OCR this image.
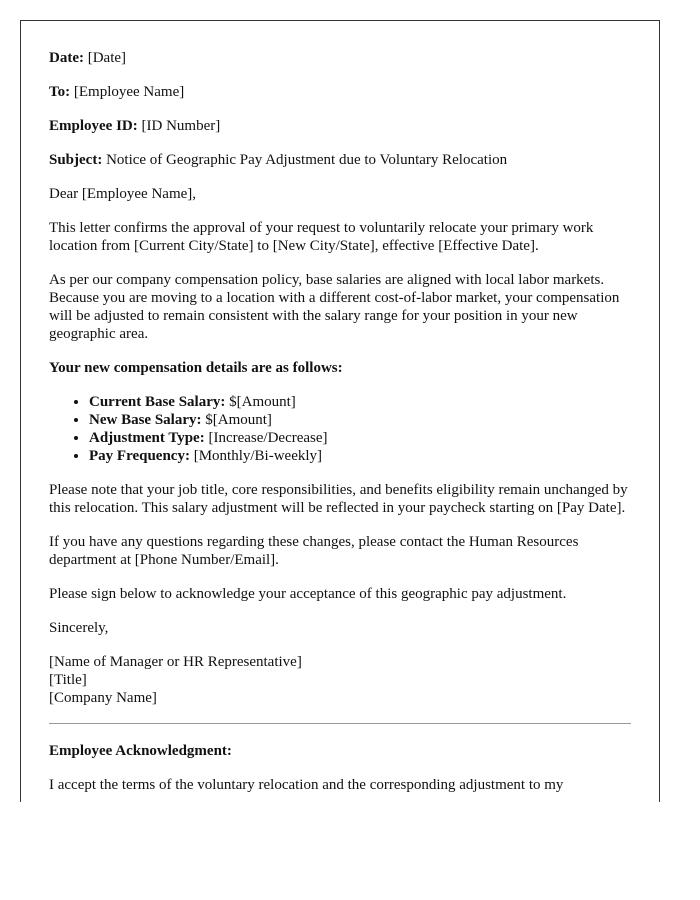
Date: [Date]

To: [Employee Name]

Employee ID: [ID Number]

Subject: Notice of Geographic Pay Adjustment due to Voluntary Relocation

Dear [Employee Name],

This letter confirms the approval of your request to voluntarily relocate your primary work location from [Current City/State] to [New City/State], effective [Effective Date].

As per our company compensation policy, base salaries are aligned with local labor markets. Because you are moving to a location with a different cost-of-labor market, your compensation will be adjusted to remain consistent with the salary range for your position in your new geographic area.

Your new compensation details are as follows:

• Current Base Salary: $[Amount]
• New Base Salary: $[Amount]
• Adjustment Type: [Increase/Decrease]
• Pay Frequency: [Monthly/Bi-weekly]

Please note that your job title, core responsibilities, and benefits eligibility remain unchanged by this relocation. This salary adjustment will be reflected in your paycheck starting on [Pay Date].

If you have any questions regarding these changes, please contact the Human Resources department at [Phone Number/Email].

Please sign below to acknowledge your acceptance of this geographic pay adjustment.

Sincerely,

[Name of Manager or HR Representative]
[Title]
[Company Name]

Employee Acknowledgment:

I accept the terms of the voluntary relocation and the corresponding adjustment to my
